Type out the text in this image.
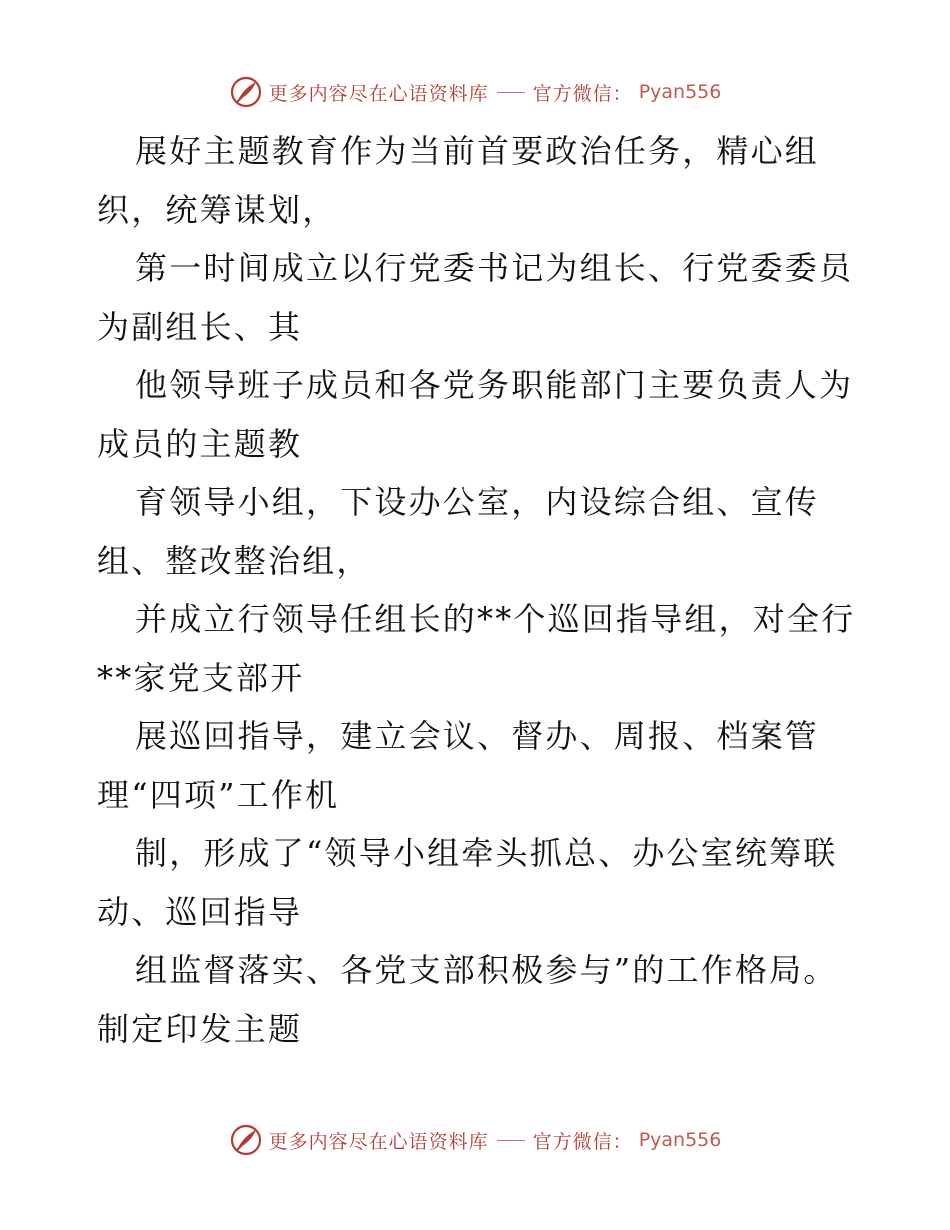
更多内容尽在心语资料库 官方微信： Pyan556
展好主题教育作为当前首要政治任务，精心组
织，统筹谋划，
第一时间成立以行党委书记为组长、行党委委员
为副组长、其
他领导班子成员和各党务职能部门主要负责人为
成员的主题教
育领导小组，下设办公室，内设综合组、宣传
组、整改整治组，
并成立行领导任组长的**个巡回指导组，对全行
**家党支部开
展巡回指导，建立会议、督办、周报、档案管
理“四项”工作机
制，形成了“领导小组牵头抓总、办公室统筹联
动、巡回指导
组监督落实、各党支部积极参与”的工作格局。
制定印发主题
更多内容尽在心语资料库 官方微信： Pyan556
